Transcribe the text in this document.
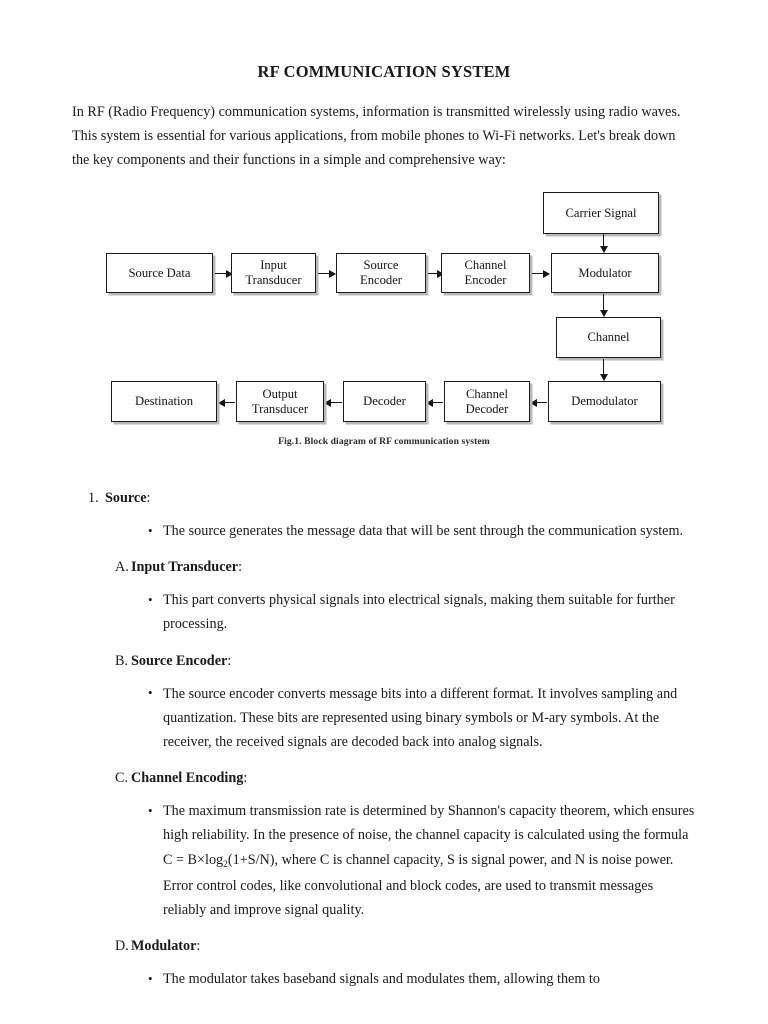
RF COMMUNICATION SYSTEM
In RF (Radio Frequency) communication systems, information is transmitted wirelessly using radio waves. This system is essential for various applications, from mobile phones to Wi-Fi networks. Let's break down the key components and their functions in a simple and comprehensive way:
Carrier Signal
Source Data
Input
Transducer
Source
Encoder
Channel
Encoder
Modulator
Channel
Demodulator
Channel
Decoder
Decoder
Output
Transducer
Destination
Fig.1. Block diagram of RF communication system
1. Source:
• The source generates the message data that will be sent through the communication system.
A. Input Transducer:
• This part converts physical signals into electrical signals, making them suitable for further processing.
B. Source Encoder:
• The source encoder converts message bits into a different format. It involves sampling and quantization. These bits are represented using binary symbols or M-ary symbols. At the receiver, the received signals are decoded back into analog signals.
C. Channel Encoding:
• The maximum transmission rate is determined by Shannon's capacity theorem, which ensures high reliability. In the presence of noise, the channel capacity is calculated using the formula $C = B\times\log_2(1+S/N)$, where C is channel capacity, S is signal power, and N is noise power. Error control codes, like convolutional and block codes, are used to transmit messages reliably and improve signal quality.
D. Modulator:
• The modulator takes baseband signals and modulates them, allowing them to
